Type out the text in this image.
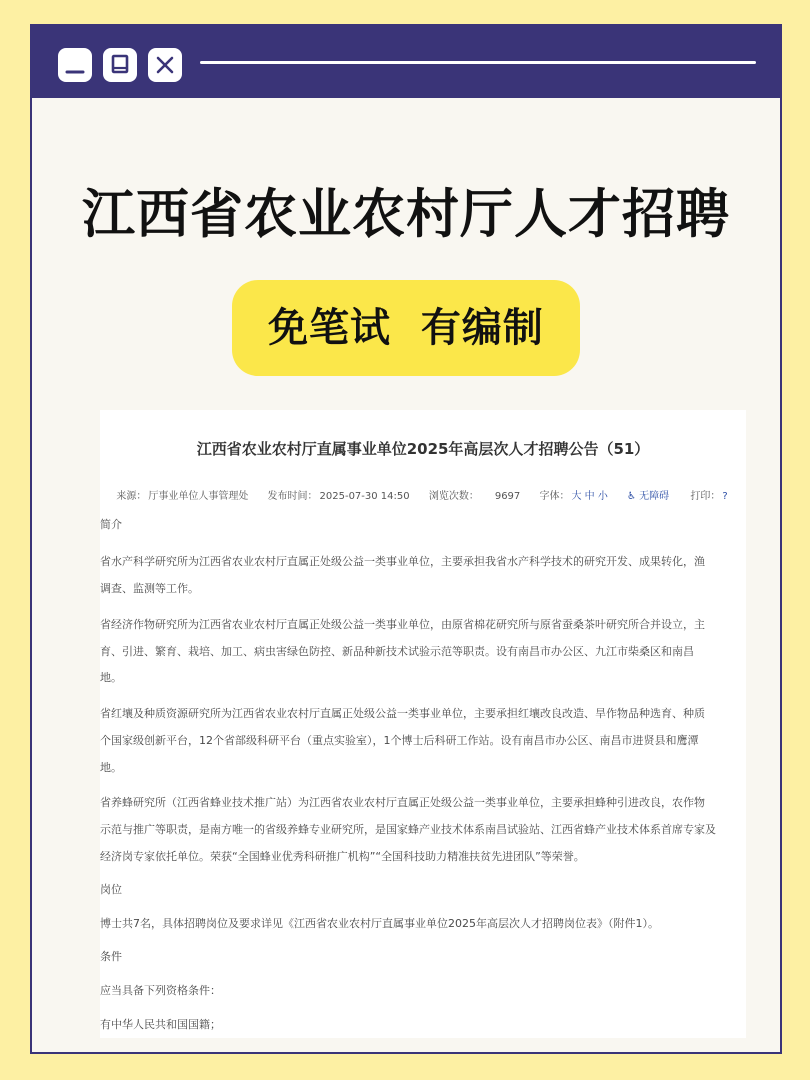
江西省农业农村厅人才招聘
免笔试  有编制
江西省农业农村厅直属事业单位2025年高层次人才招聘公告（51）
来源： 厅事业单位人事管理处 发布时间： 2025-07-30 14:50 浏览次数： 9697 字体： 大 中 小 ♿ 无障碍 打印： ?
简介
省水产科学研究所为江西省农业农村厅直属正处级公益一类事业单位，主要承担我省水产科学技术的研究开发、成果转化，渔
调查、监测等工作。
省经济作物研究所为江西省农业农村厅直属正处级公益一类事业单位，由原省棉花研究所与原省蚕桑茶叶研究所合并设立，主
育、引进、繁育、栽培、加工、病虫害绿色防控、新品种新技术试验示范等职责。设有南昌市办公区、九江市柴桑区和南昌
地。
省红壤及种质资源研究所为江西省农业农村厅直属正处级公益一类事业单位，主要承担红壤改良改造、旱作物品种选育、种质
个国家级创新平台，12个省部级科研平台（重点实验室），1个博士后科研工作站。设有南昌市办公区、南昌市进贤县和鹰潭
地。
省养蜂研究所（江西省蜂业技术推广站）为江西省农业农村厅直属正处级公益一类事业单位，主要承担蜂种引进改良，农作物
示范与推广等职责，是南方唯一的省级养蜂专业研究所，是国家蜂产业技术体系南昌试验站、江西省蜂产业技术体系首席专家及
经济岗专家依托单位。荣获“全国蜂业优秀科研推广机构”“全国科技助力精准扶贫先进团队”等荣誉。
岗位
博士共7名，具体招聘岗位及要求详见《江西省农业农村厅直属事业单位2025年高层次人才招聘岗位表》（附件1）。
条件
应当具备下列资格条件：
有中华人民共和国国籍；
